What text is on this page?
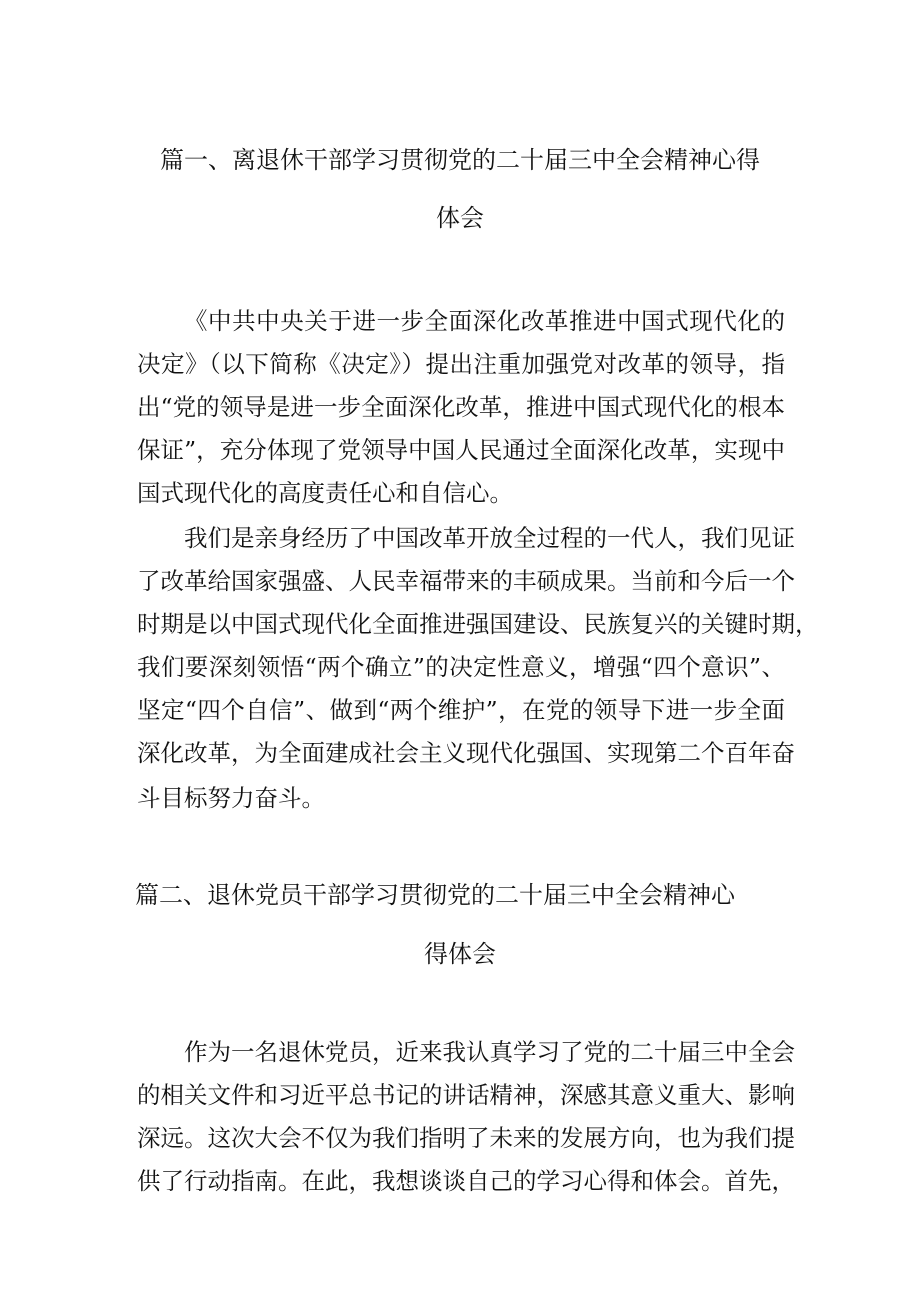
篇一、离退休干部学习贯彻党的二十届三中全会精神心得
体会
《中共中央关于进一步全面深化改革推进中国式现代化的
决定》（以下简称《决定》）提出注重加强党对改革的领导，指
出“党的领导是进一步全面深化改革，推进中国式现代化的根本
保证”，充分体现了党领导中国人民通过全面深化改革，实现中
国式现代化的高度责任心和自信心。
我们是亲身经历了中国改革开放全过程的一代人，我们见证
了改革给国家强盛、人民幸福带来的丰硕成果。当前和今后一个
时期是以中国式现代化全面推进强国建设、民族复兴的关键时期，
我们要深刻领悟“两个确立”的决定性意义，增强“四个意识”、
坚定“四个自信”、做到“两个维护”，在党的领导下进一步全面
深化改革，为全面建成社会主义现代化强国、实现第二个百年奋
斗目标努力奋斗。
篇二、退休党员干部学习贯彻党的二十届三中全会精神心
得体会
作为一名退休党员，近来我认真学习了党的二十届三中全会
的相关文件和习近平总书记的讲话精神，深感其意义重大、影响
深远。这次大会不仅为我们指明了未来的发展方向，也为我们提
供了行动指南。在此，我想谈谈自己的学习心得和体会。首先，
